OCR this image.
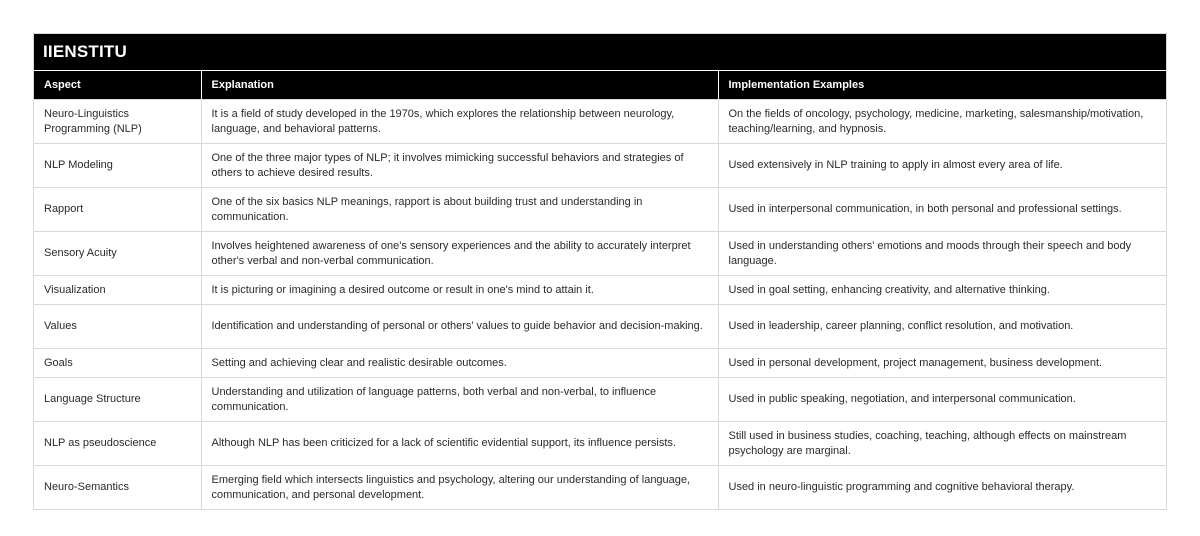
IIENSTITU
Aspect	Explanation	Implementation Examples
Neuro-Linguistics Programming (NLP)	It is a field of study developed in the 1970s, which explores the relationship between neurology, language, and behavioral patterns.	On the fields of oncology, psychology, medicine, marketing, salesmanship/motivation, teaching/learning, and hypnosis.
NLP Modeling	One of the three major types of NLP; it involves mimicking successful behaviors and strategies of others to achieve desired results.	Used extensively in NLP training to apply in almost every area of life.
Rapport	One of the six basics NLP meanings, rapport is about building trust and understanding in communication.	Used in interpersonal communication, in both personal and professional settings.
Sensory Acuity	Involves heightened awareness of one's sensory experiences and the ability to accurately interpret other's verbal and non-verbal communication.	Used in understanding others' emotions and moods through their speech and body language.
Visualization	It is picturing or imagining a desired outcome or result in one's mind to attain it.	Used in goal setting, enhancing creativity, and alternative thinking.
Values	Identification and understanding of personal or others' values to guide behavior and decision-making.	Used in leadership, career planning, conflict resolution, and motivation.
Goals	Setting and achieving clear and realistic desirable outcomes.	Used in personal development, project management, business development.
Language Structure	Understanding and utilization of language patterns, both verbal and non-verbal, to influence communication.	Used in public speaking, negotiation, and interpersonal communication.
NLP as pseudoscience	Although NLP has been criticized for a lack of scientific evidential support, its influence persists.	Still used in business studies, coaching, teaching, although effects on mainstream psychology are marginal.
Neuro-Semantics	Emerging field which intersects linguistics and psychology, altering our understanding of language, communication, and personal development.	Used in neuro-linguistic programming and cognitive behavioral therapy.
